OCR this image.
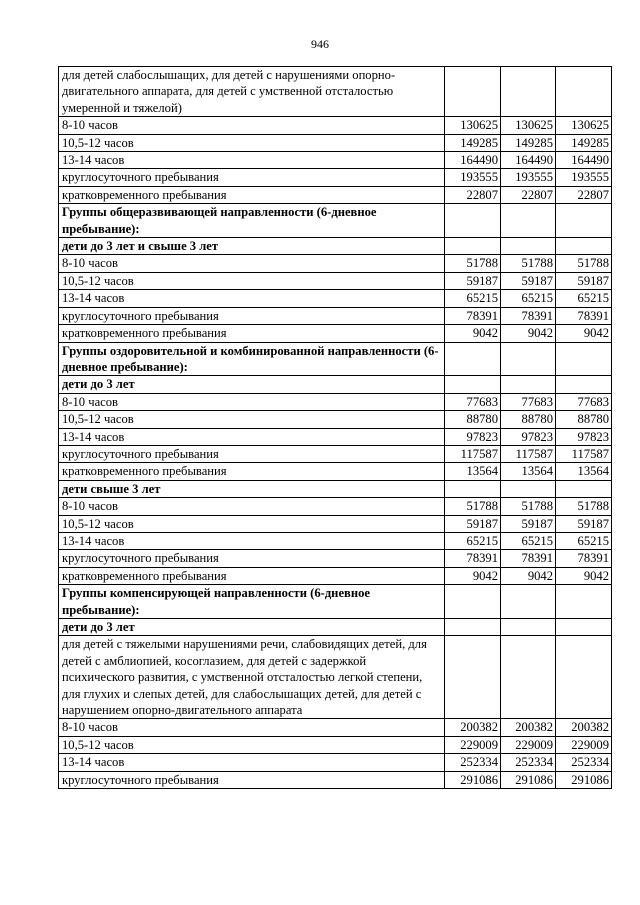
946
для детей слабослышащих, для детей с нарушениями опорно-двигательного аппарата, для детей с умственной отсталостью умеренной и тяжелой)			
8-10 часов	130625	130625	130625
10,5-12 часов	149285	149285	149285
13-14 часов	164490	164490	164490
круглосуточного пребывания	193555	193555	193555
кратковременного пребывания	22807	22807	22807
Группы общеразвивающей направленности (6-дневное пребывание):			
дети до 3 лет и свыше 3 лет			
8-10 часов	51788	51788	51788
10,5-12 часов	59187	59187	59187
13-14 часов	65215	65215	65215
круглосуточного пребывания	78391	78391	78391
кратковременного пребывания	9042	9042	9042
Группы оздоровительной и комбинированной направленности (6-дневное пребывание):			
дети до 3 лет			
8-10 часов	77683	77683	77683
10,5-12 часов	88780	88780	88780
13-14 часов	97823	97823	97823
круглосуточного пребывания	117587	117587	117587
кратковременного пребывания	13564	13564	13564
дети свыше 3 лет			
8-10 часов	51788	51788	51788
10,5-12 часов	59187	59187	59187
13-14 часов	65215	65215	65215
круглосуточного пребывания	78391	78391	78391
кратковременного пребывания	9042	9042	9042
Группы компенсирующей направленности (6-дневное пребывание):			
дети до 3 лет			
для детей с тяжелыми нарушениями речи, слабовидящих детей, для детей с амблиопией, косоглазием, для детей с задержкой психического развития, с умственной отсталостью легкой степени, для глухих и слепых детей, для слабослышащих детей, для детей с нарушением опорно-двигательного аппарата			
8-10 часов	200382	200382	200382
10,5-12 часов	229009	229009	229009
13-14 часов	252334	252334	252334
круглосуточного пребывания	291086	291086	291086
